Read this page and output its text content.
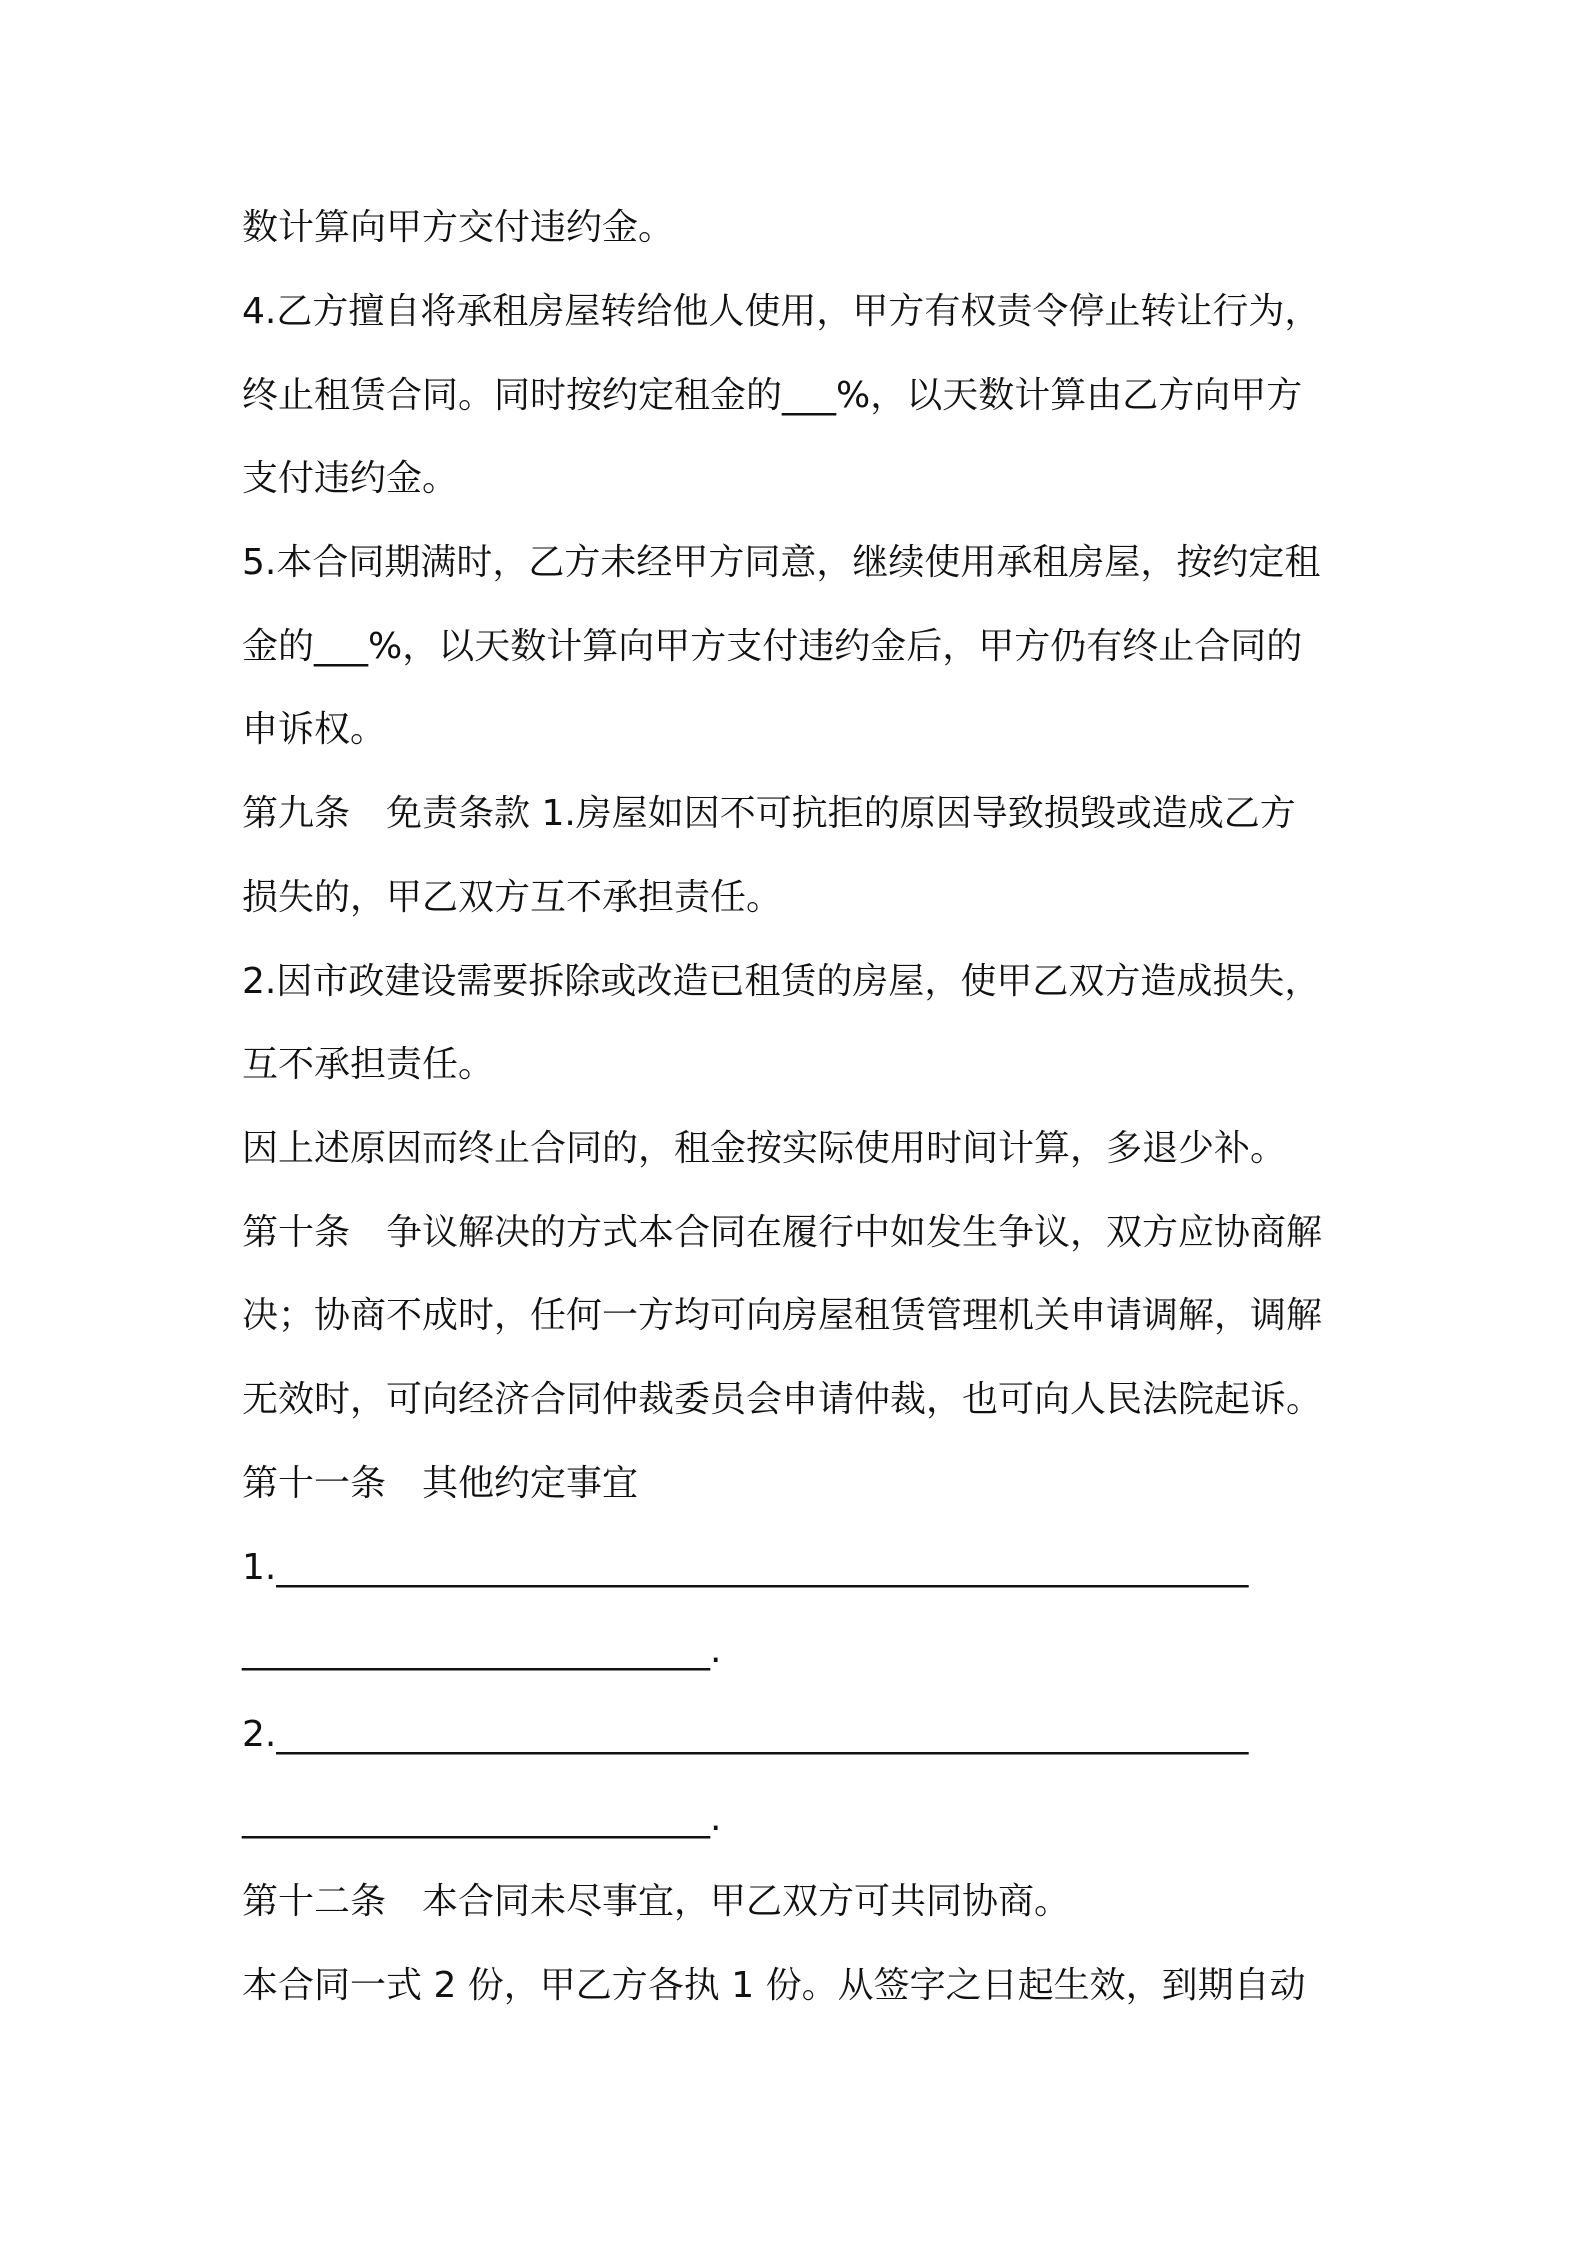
数计算向甲方交付违约金。
4.乙方擅自将承租房屋转给他人使用，甲方有权责令停止转让行为，
终止租赁合同。同时按约定租金的___%，以天数计算由乙方向甲方
支付违约金。
5.本合同期满时，乙方未经甲方同意，继续使用承租房屋，按约定租
金的___%，以天数计算向甲方支付违约金后，甲方仍有终止合同的
申诉权。
第九条　免责条款 1.房屋如因不可抗拒的原因导致损毁或造成乙方
损失的，甲乙双方互不承担责任。
2.因市政建设需要拆除或改造已租赁的房屋，使甲乙双方造成损失，
互不承担责任。
因上述原因而终止合同的，租金按实际使用时间计算，多退少补。
第十条　争议解决的方式本合同在履行中如发生争议，双方应协商解
决；协商不成时，任何一方均可向房屋租赁管理机关申请调解，调解
无效时，可向经济合同仲裁委员会申请仲裁，也可向人民法院起诉。
第十一条　其他约定事宜
1.______________________________________________________
__________________________.
2.______________________________________________________
__________________________.
第十二条　本合同未尽事宜，甲乙双方可共同协商。
本合同一式 2 份，甲乙方各执 1 份。从签字之日起生效，到期自动
